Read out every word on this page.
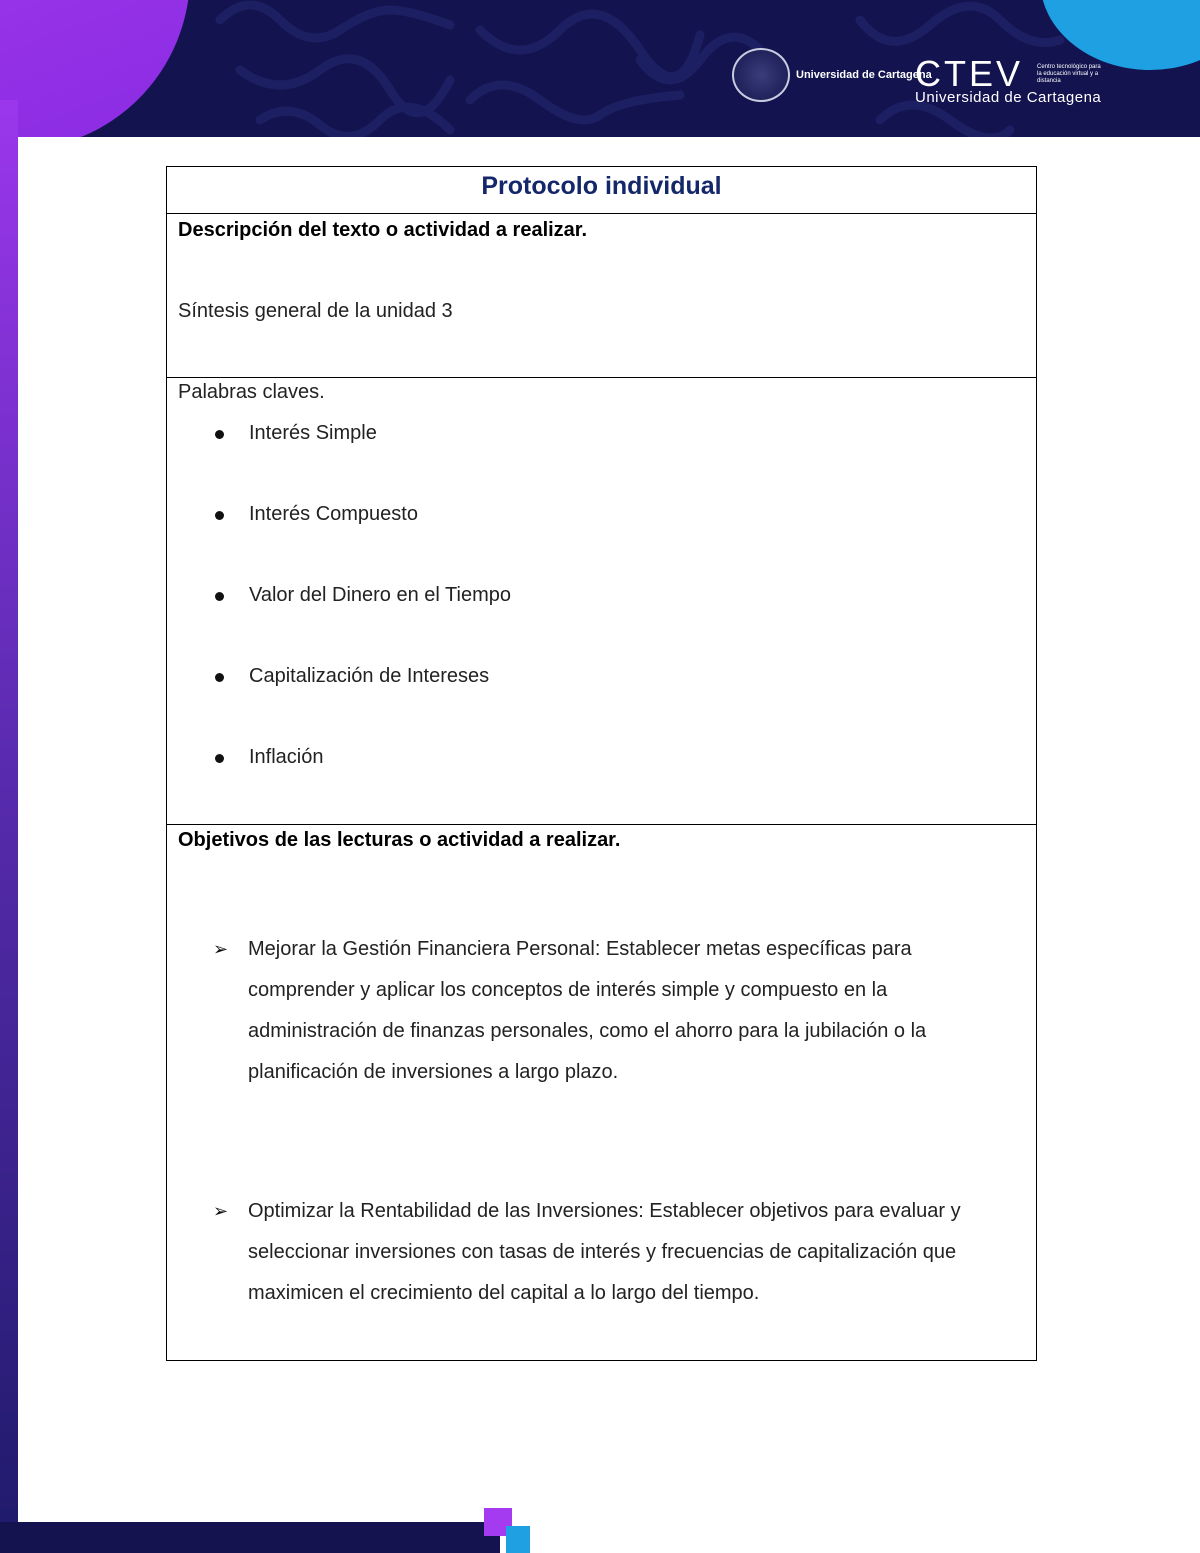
Universidad de Cartagena
CTEV	Centro tecnológico para la educación virtual y a distancia
Universidad de Cartagena
Protocolo individual
Descripción del texto o actividad a realizar.
Síntesis general de la unidad 3
Palabras claves.
Interés Simple
Interés Compuesto
Valor del Dinero en el Tiempo
Capitalización de Intereses
Inflación
Objetivos de las lecturas o actividad a realizar.
➢ Mejorar la Gestión Financiera Personal: Establecer metas específicas para comprender y aplicar los conceptos de interés simple y compuesto en la administración de finanzas personales, como el ahorro para la jubilación o la planificación de inversiones a largo plazo.
➢ Optimizar la Rentabilidad de las Inversiones: Establecer objetivos para evaluar y seleccionar inversiones con tasas de interés y frecuencias de capitalización que maximicen el crecimiento del capital a lo largo del tiempo.
